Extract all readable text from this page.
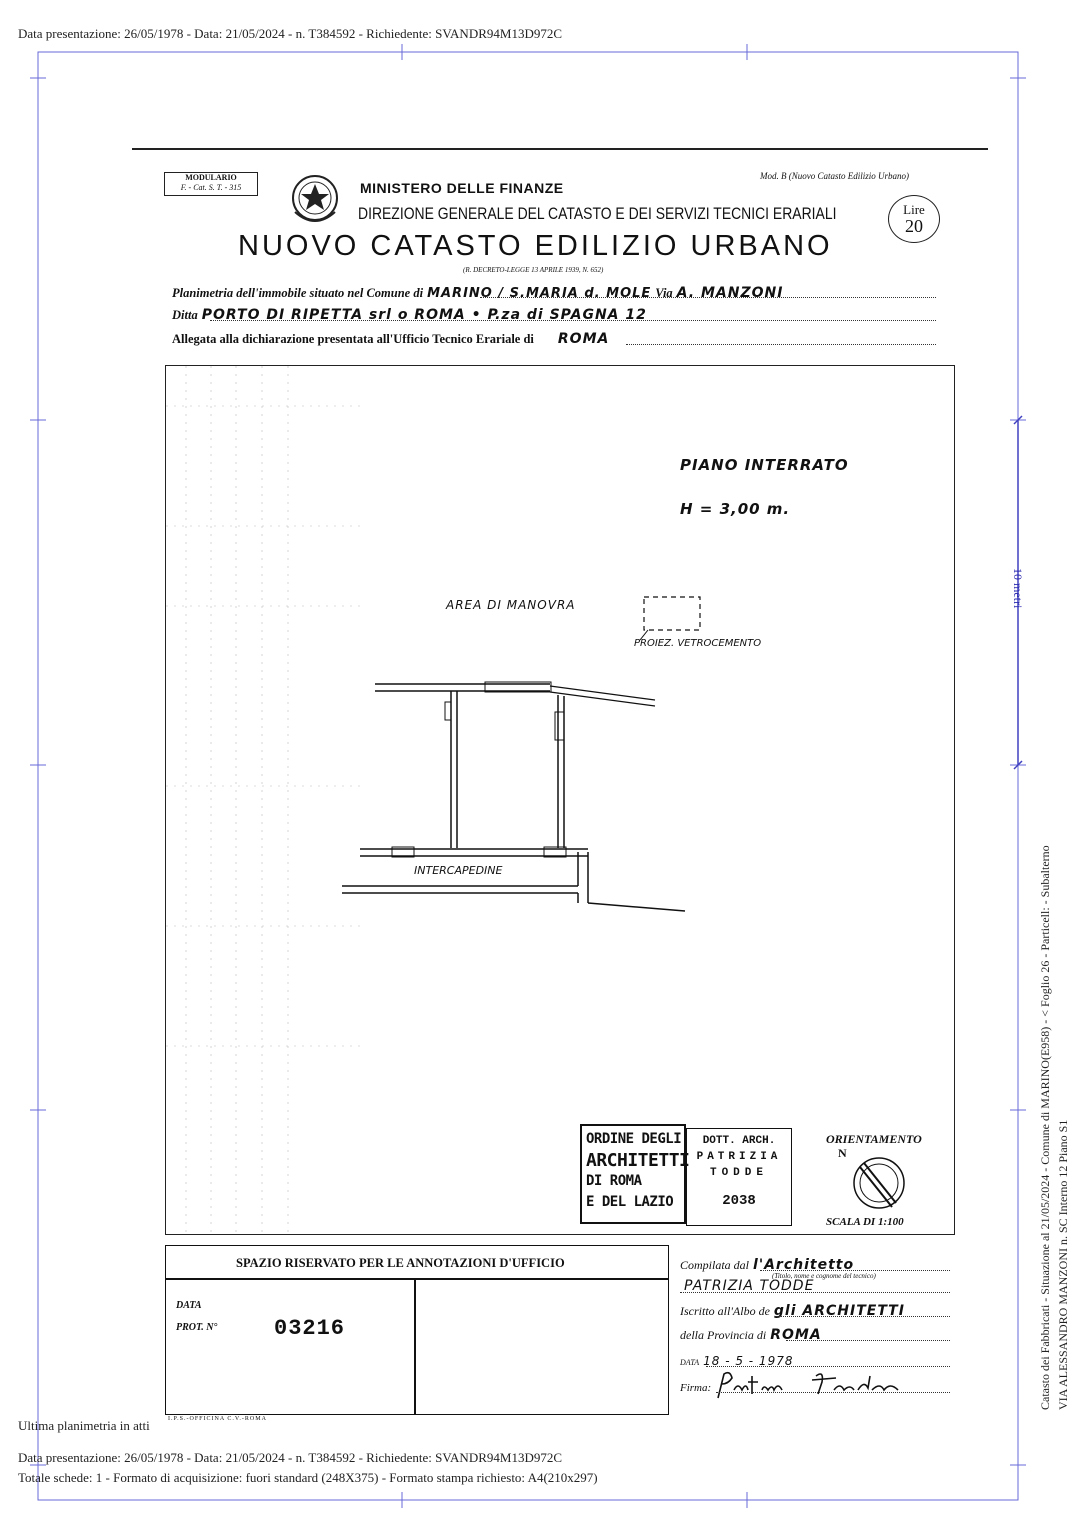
Data presentazione: 26/05/1978 - Data: 21/05/2024 - n. T384592 - Richiedente: SVANDR94M13D972C
MODULARIO
F. - Cat. S. T. - 315	MINISTERO DELLE FINANZE
DIREZIONE GENERALE DEL CATASTO E DEI SERVIZI TECNICI ERARIALI
Mod. B (Nuovo Catasto Edilizio Urbano)
Lire
20
NUOVO CATASTO EDILIZIO URBANO
(R. DECRETO-LEGGE 13 APRILE 1939, N. 652)
Planimetria dell'immobile situato nel Comune di MARINO / S.MARIA d. MOLE Via A. MANZONI
Ditta PORTO DI RIPETTA srl o ROMA • P.za di SPAGNA 12
Allegata alla dichiarazione presentata all'Ufficio Tecnico Erariale di ROMA
PIANO INTERRATO
H = 3,00 m.
AREA DI MANOVRA
PROIEZ. VETROCEMENTO
INTERCAPEDINE
ORDINE DEGLI
ARCHITETTI
DI ROMA
E DEL LAZIO
DOTT. ARCH.
PATRIZIA
TODDE
2038
ORIENTAMENTO
N
SCALA DI 1:100
SPAZIO RISERVATO PER LE ANNOTAZIONI D'UFFICIO
DATA
PROT. N°	03216
I.P.S.-OFFICINA C.V.-ROMA
Compilata dal l'Architetto
(Titolo, nome e cognome del tecnico)
PATRIZIA TODDE
Iscritto all'Albo de gli ARCHITETTI
della Provincia di ROMA
DATA 18 - 5 - 1978
Firma:
10 metri
Catasto dei Fabbricati - Situazione al 21/05/2024 - Comune di MARINO(E958) - < Foglio 26 - Particell: - Subalterno VIA ALESSANDRO MANZONI n. SC Interno 12 Piano S1
Ultima planimetria in atti
Data presentazione: 26/05/1978 - Data: 21/05/2024 - n. T384592 - Richiedente: SVANDR94M13D972C
Totale schede: 1 - Formato di acquisizione: fuori standard (248X375) - Formato stampa richiesto: A4(210x297)
